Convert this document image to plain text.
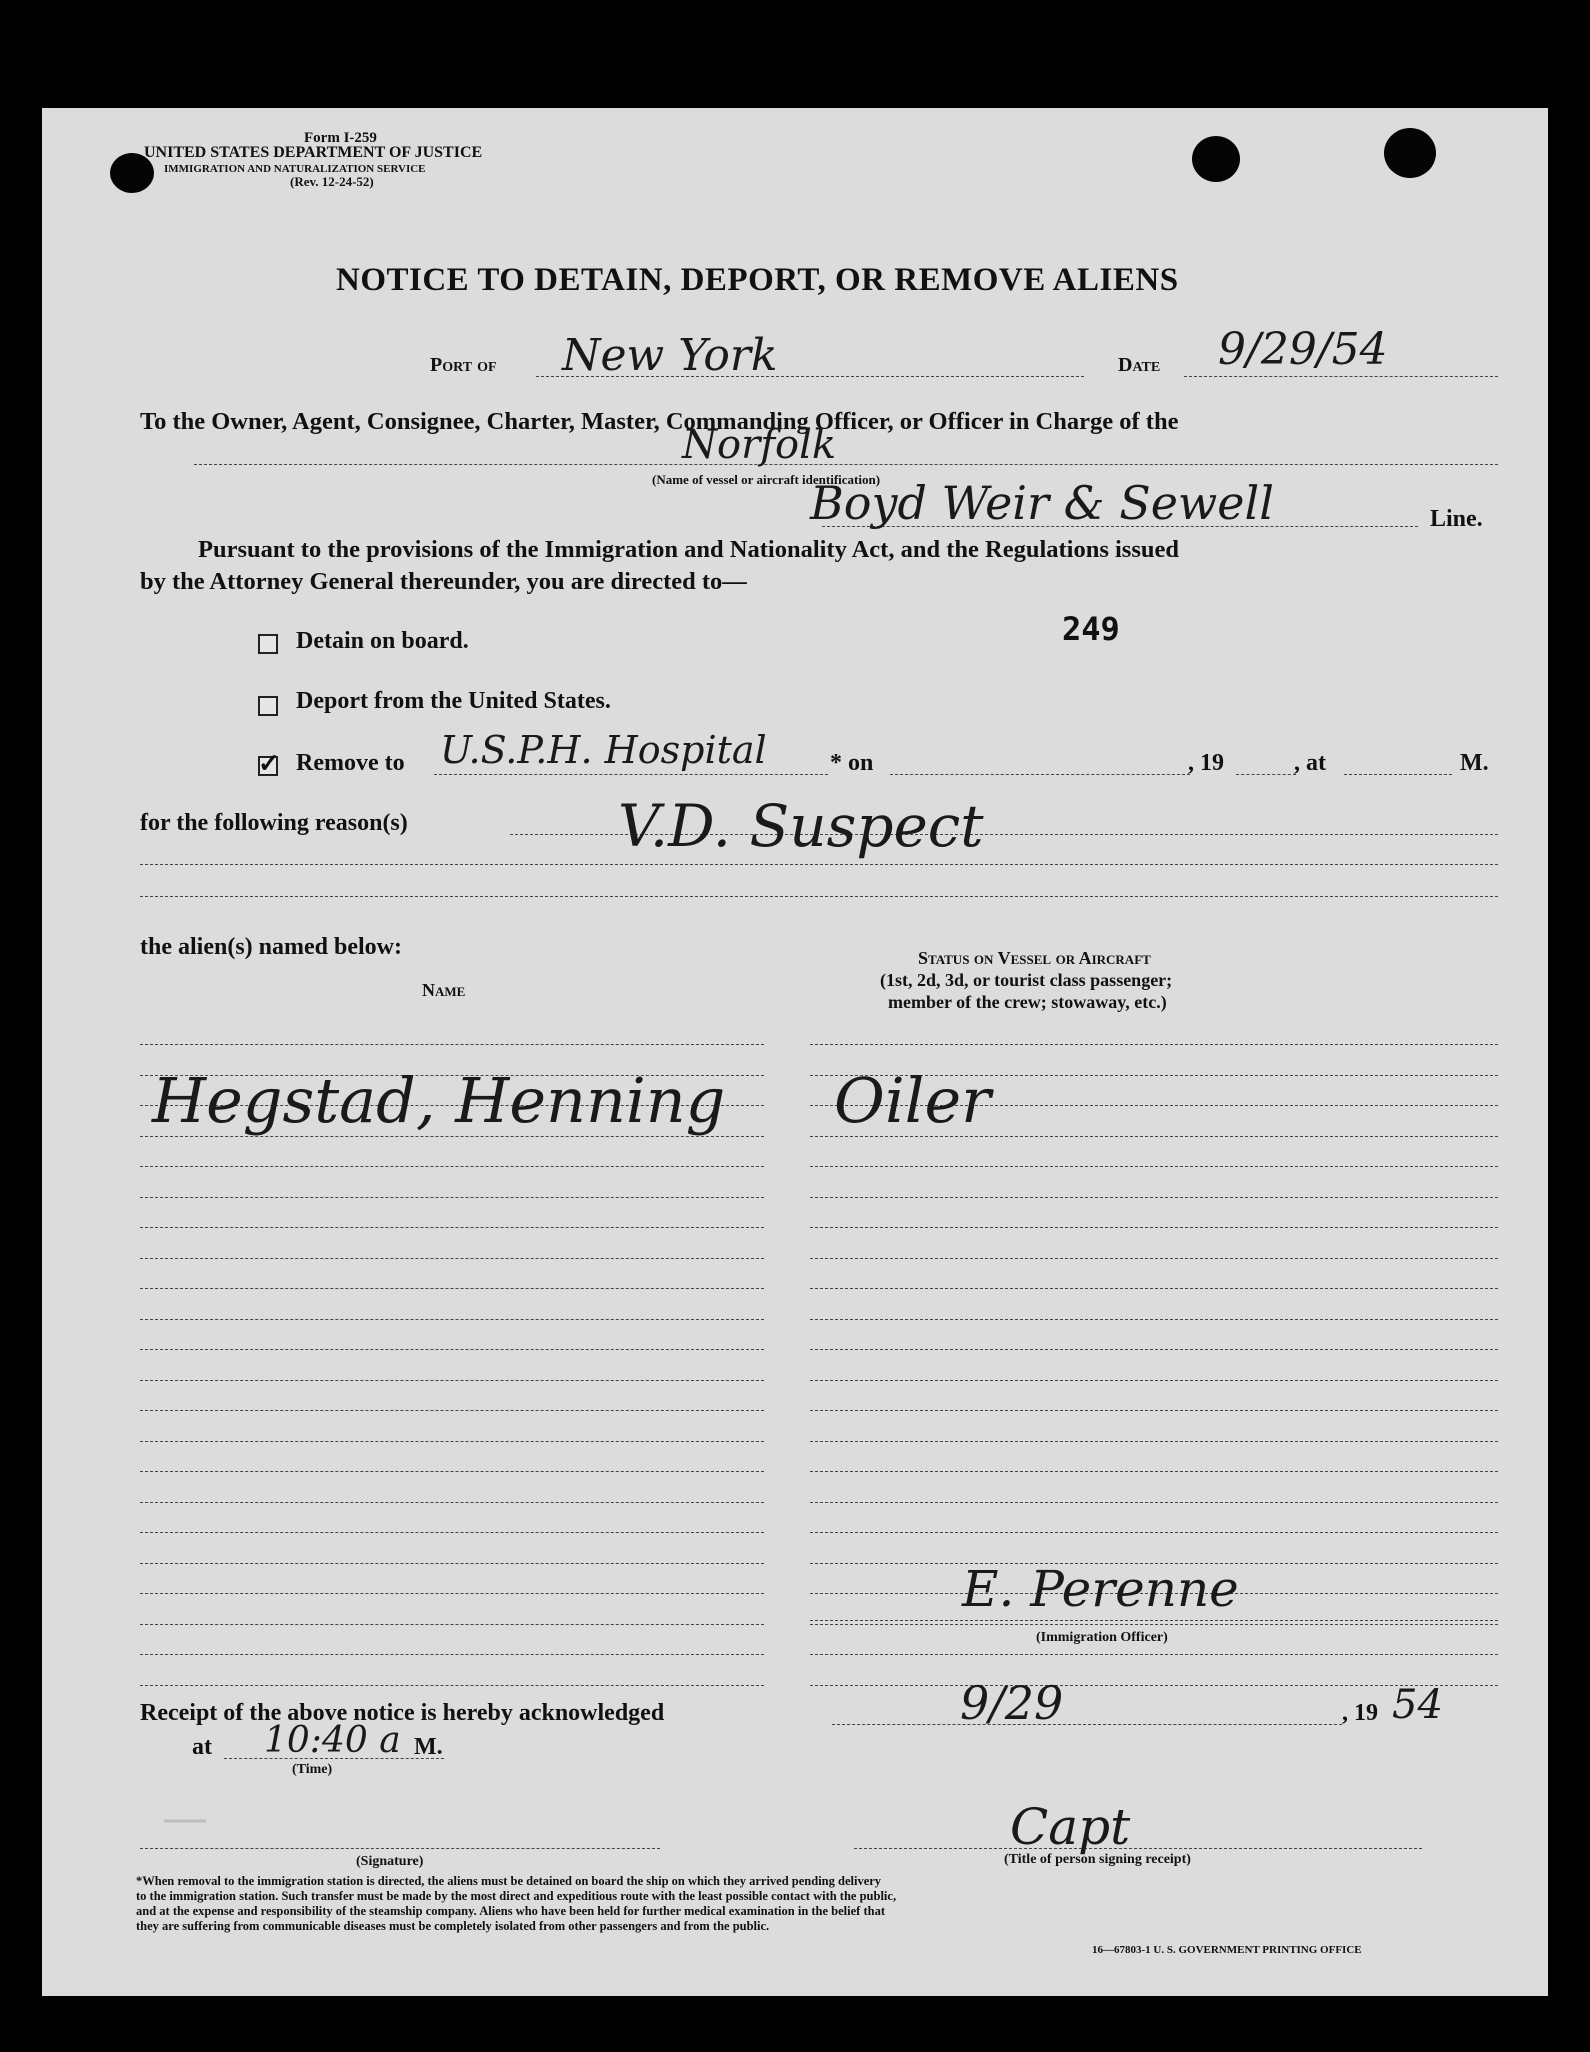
Form I-259
UNITED STATES DEPARTMENT OF JUSTICE
IMMIGRATION AND NATURALIZATION SERVICE
(Rev. 12-24-52)
NOTICE TO DETAIN, DEPORT, OR REMOVE ALIENS
Port of New York	Date 9/29/54
To the Owner, Agent, Consignee, Charter, Master, Commanding Officer, or Officer in Charge of the
Norfolk
(Name of vessel or aircraft identification)
Boyd Weir & Sewell	Line.
Pursuant to the provisions of the Immigration and Nationality Act, and the Regulations issued
by the Attorney General thereunder, you are directed to—
249
Detain on board.
Deport from the United States.
✓ Remove to U.S.P.H. Hospital	* on	, 19	, at	M.
for the following reason(s)	V.D. Suspect
the alien(s) named below:
Name
Status on Vessel or Aircraft
(1st, 2d, 3d, or tourist class passenger;
member of the crew; stowaway, etc.)
Hegstad, Henning Oiler
E. Perenne
(Immigration Officer)
Receipt of the above notice is hereby acknowledged	9/29	, 19 54
at 10:40 a M.
(Time)
—
(Signature)
Capt
(Title of person signing receipt)
*When removal to the immigration station is directed, the aliens must be detained on board the ship on which they arrived pending delivery
to the immigration station. Such transfer must be made by the most direct and expeditious route with the least possible contact with the public,
and at the expense and responsibility of the steamship company. Aliens who have been held for further medical examination in the belief that
they are suffering from communicable diseases must be completely isolated from other passengers and from the public.
16—67803-1 U. S. GOVERNMENT PRINTING OFFICE
